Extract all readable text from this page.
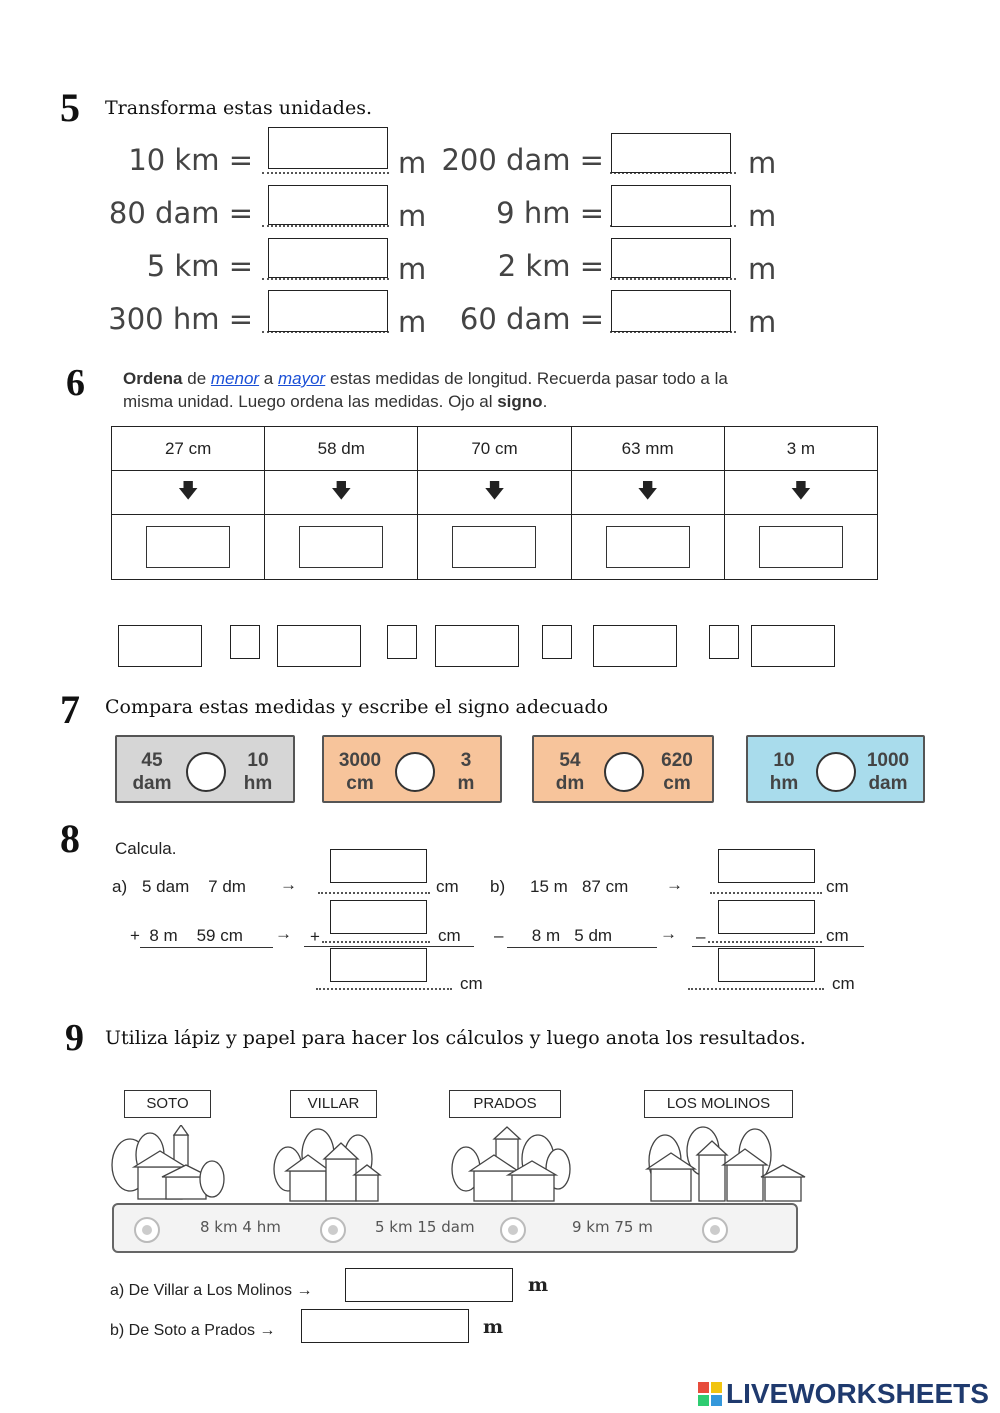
5 Transforma estas unidades.
10 km =	m
80 dam =	m
5 km =	m
300 hm =	m
200 dam =	m
9 hm =	m
2 km =	m
60 dam =	m
6 Ordena de menor a mayor estas medidas de longitud. Recuerda pasar todo a la
misma unidad. Luego ordena las medidas. Ojo al signo.
27 cm	58 dm	70 cm	63 mm	3 m
🡇	🡇	🡇	🡇	🡇

7 Compara estas medidas y escribe el signo adecuado
45
dam
10
hm
3000
cm
3
m
54
dm
620
cm
10
hm
1000
dam
8 Calcula.
a) 5 dam    7 dm →	cm
+  8 m    59 cm → +	cm
cm
b) 15 m   87 cm →	cm
–      8 m   5 dm	→ –	cm
cm
9 Utiliza lápiz y papel para hacer los cálculos y luego anota los resultados.
SOTO	VILLAR	PRADOS	LOS MOLINOS
8 km 4 hm	5 km 15 dam	9 km 75 m
a) De Villar a Los Molinos →	m
b) De Soto a Prados →	m
LIVEWORKSHEETS
